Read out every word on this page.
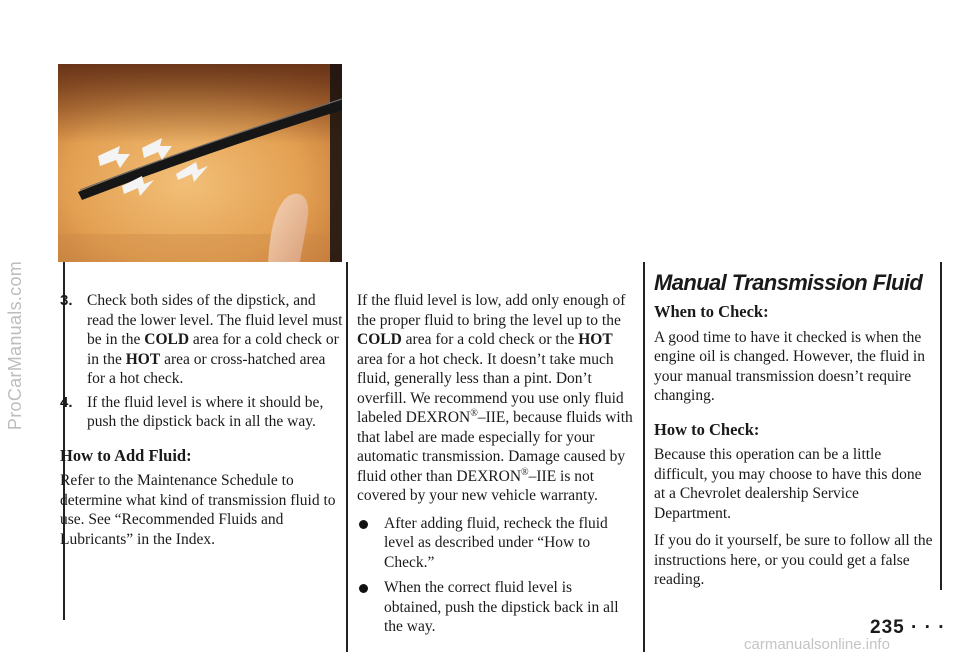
ProCarManuals.com 3. Check both sides of the dipstick, and read the lower level. The fluid level must be in the COLD area for a cold check or in the HOT area or cross-hatched area for a hot check.
4. If the fluid level is where it should be, push the dipstick back in all the way.
How to Add Fluid:

Refer to the Maintenance Schedule to determine what kind of transmission fluid to use. See “Recommended Fluids and Lubricants” in the Index.

If the fluid level is low, add only enough of the proper fluid to bring the level up to the COLD area for a cold check or the HOT area for a hot check. It doesn’t take much fluid, generally less than a pint. Don’t overfill. We recommend you use only fluid labeled DEXRON®–IIE, because fluids with that label are made especially for your automatic transmission. Damage caused by fluid other than DEXRON®–IIE is not covered by your new vehicle warranty.

After adding fluid, recheck the fluid level as described under “How to Check.”
When the correct fluid level is obtained, push the dipstick back in all the way.
Manual Transmission Fluid
When to Check:

A good time to have it checked is when the engine oil is changed. However, the fluid in your manual transmission doesn’t require changing.

How to Check:

Because this operation can be a little difficult, you may choose to have this done at a Chevrolet dealership Service Department.

If you do it yourself, be sure to follow all the instructions here, or you could get a false reading.

235 · · ·
carmanualsonline.info
